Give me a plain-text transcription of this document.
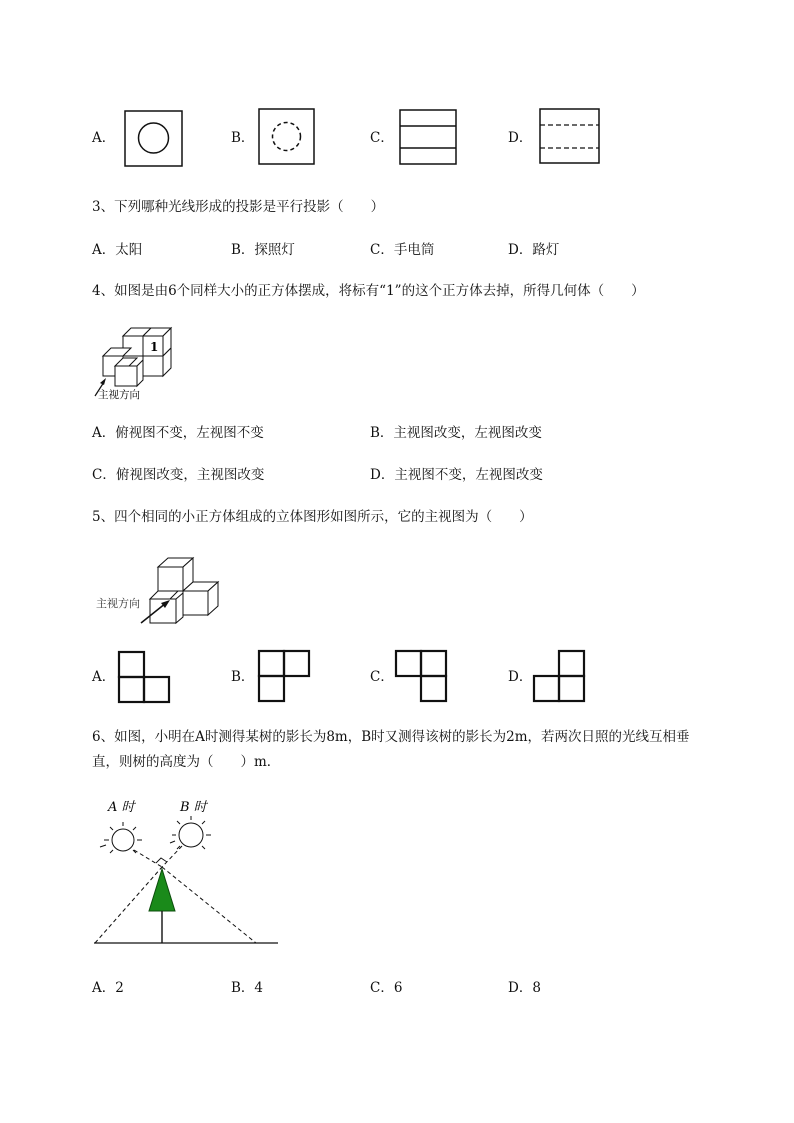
A．	B．	C．	D．
3、下列哪种光线形成的投影是平行投影（　　）
A．太阳	B．探照灯	C．手电筒	D．路灯
4、如图是由6个同样大小的正方体摆成，将标有“1”的这个正方体去掉，所得几何体（　　）
1
主视方向
A．俯视图不变，左视图不变	B．主视图改变，左视图改变
C．俯视图改变，主视图改变	D．主视图不变，左视图改变
5、四个相同的小正方体组成的立体图形如图所示，它的主视图为（　　）
主视方向
A．	B．	C．	D．
6、如图，小明在A时测得某树的影长为8m，B时又测得该树的影长为2m，若两次日照的光线互相垂
直，则树的高度为（　　）m．
A 时	B 时
A．2	B．4	C．6	D．8
